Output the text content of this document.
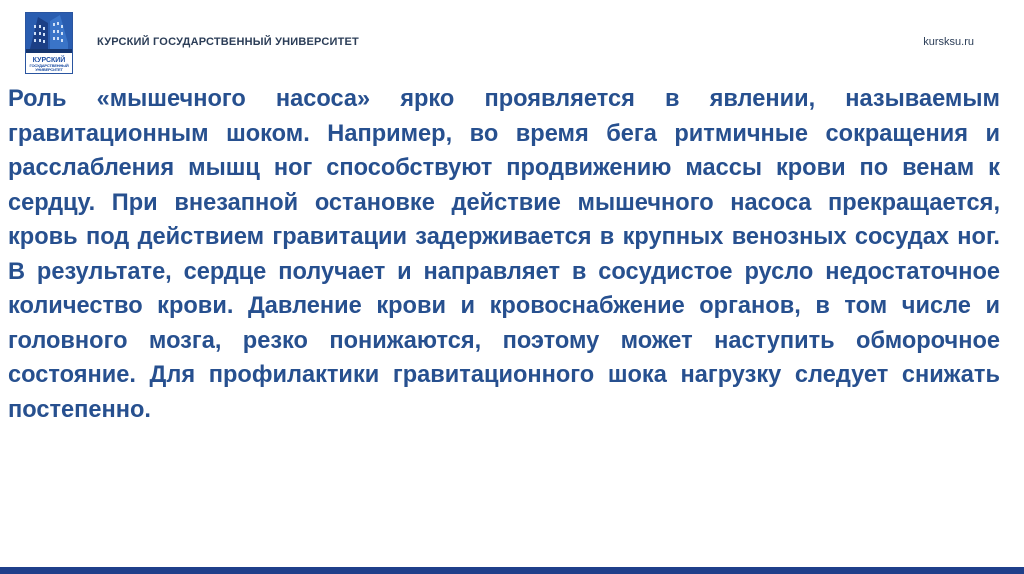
КУРСКИЙ
ГОСУДАРСТВЕННЫЙ
УНИВЕРСИТЕТ
КУРСКИЙ ГОСУДАРСТВЕННЫЙ УНИВЕРСИТЕТ	kursksu.ru

Роль «мышечного насоса» ярко проявляется в явлении, называемым гравитационным шоком. Например, во время бега ритмичные сокращения и расслабления мышц ног способствуют продвижению массы крови по венам к сердцу. При внезапной остановке действие мышечного насоса прекращается, кровь под действием гравитации задерживается в крупных венозных сосудах ног. В результате, сердце получает и направляет в сосудистое русло недостаточное количество крови. Давление крови и кровоснабжение органов, в том числе и головного мозга, резко понижаются, поэтому может наступить обморочное состояние. Для профилактики гравитационного шока нагрузку следует снижать постепенно.
